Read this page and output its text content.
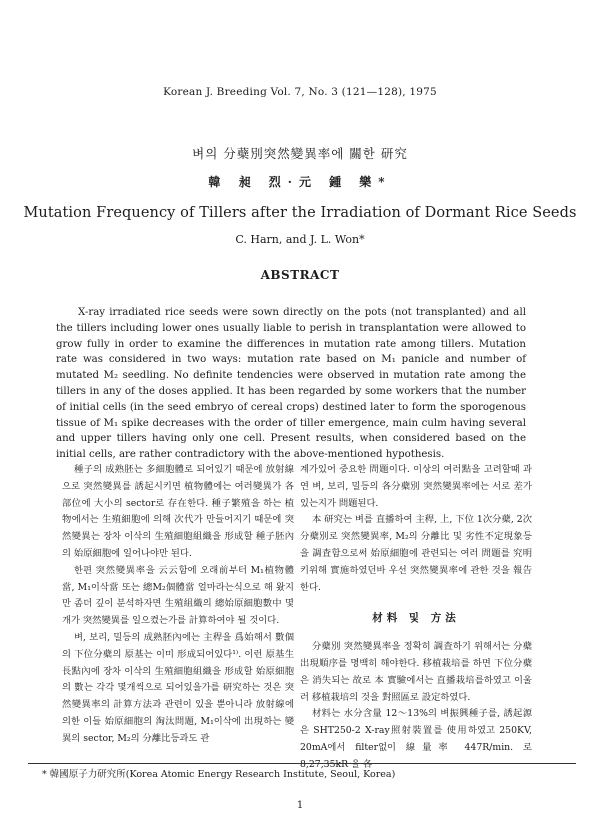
Korean J. Breeding Vol. 7, No. 3 (121—128), 1975
벼의 分蘗別突然變異率에 關한 研究
韓 昶 烈·元 鍾 樂*
Mutation Frequency of Tillers after the Irradiation of Dormant Rice Seeds
C. Harn, and J. L. Won*
ABSTRACT
X-ray irradiated rice seeds were sown directly on the pots (not transplanted) and all the tillers including lower ones usually liable to perish in transplantation were allowed to grow fully in order to examine the differences in mutation rate among tillers. Mutation rate was considered in two ways: mutation rate based on M₁ panicle and number of mutated M₂ seedling. No definite tendencies were observed in mutation rate among the tillers in any of the doses applied. It has been regarded by some workers that the number of initial cells (in the seed embryo of cereal crops) destined later to form the sporogenous tissue of M₁ spike decreases with the order of tiller emergence, main culm having several and upper tillers having only one cell. Present results, when considered based on the initial cells, are rather contradictory with the above-mentioned hypothesis.

種子의 成熟胚는 多細胞體로 되어있기 때문에 放射線으로 突然變異를 誘起시키면 植物體에는 여러變異가 各部位에 大小의 sector로 存在한다. 種子繁殖을 하는 植物에서는 生殖細胞에 의해 次代가 만들어지기 때문에 突然變異는 장차 이삭의 生殖細胞組織을 形成할 種子胚內의 始原細胞에 일어나야만 된다.

한편 突然變異率을 云云함에 오래前부터 M₁植物體當, M₁이삭當 또는 總M₂個體當 얼마라는식으로 해 왔지만 좀더 깊이 분석하자면 生殖組織의 總始原細胞數中 몇개가 突然變異를 일으켰는가를 計算하여야 될 것이다.

벼, 보리, 밀등의 成熟胚內에는 主稈을 爲始해서 數個의 下位分蘗의 原基는 이미 形成되어있다¹⁾. 이런 原基生長點內에 장차 이삭의 生殖細胞組織을 形成할 始原細胞의 數는 각각 몇개씩으로 되어있을가를 研究하는 것은 突然變異率의 計算方法과 관련이 있을 뿐아니라 放射線에 의한 이들 始原細胞의 淘汰問題, M₁이삭에 出現하는 變異의 sector, M₂의 分離比등과도 관

계가있어 중요한 問題이다. 이상의 여러點을 고려할때 과연 벼, 보리, 밀등의 各分蘗別 突然變異率에는 서로 差가 있는지가 問題된다.

本 研究는 벼를 直播하여 主稈, 上, 下位 1次分蘗, 2次分蘗別로 突然變異率, M₂의 分離比 및 劣性不定現象등을 調査함으로써 始原細胞에 관련되는 여러 問題를 究明키위해 實施하였던바 우선 突然變異率에 관한 것을 報告한다.

材料 및 方法

分蘗別 突然變異率을 정확히 調査하기 위해서는 分蘗出現順序를 명백히 해야한다. 移植栽培를 하면 下位分蘗은 消失되는 故로 本 實驗에서는 直播栽培를하였고 이울러 移植栽培의 것을 對照區로 設定하였다.

材料는 水分含量 12～13%의 벼振興種子를, 誘起源은 SHT250-2 X-ray照射裝置를 使用하였고 250KV, 20mA에서 filter없이 線量率 447R/min. 로 8,27,35kR 을 各

* 韓國原子力研究所(Korea Atomic Energy Research Institute, Seoul, Korea)
1
